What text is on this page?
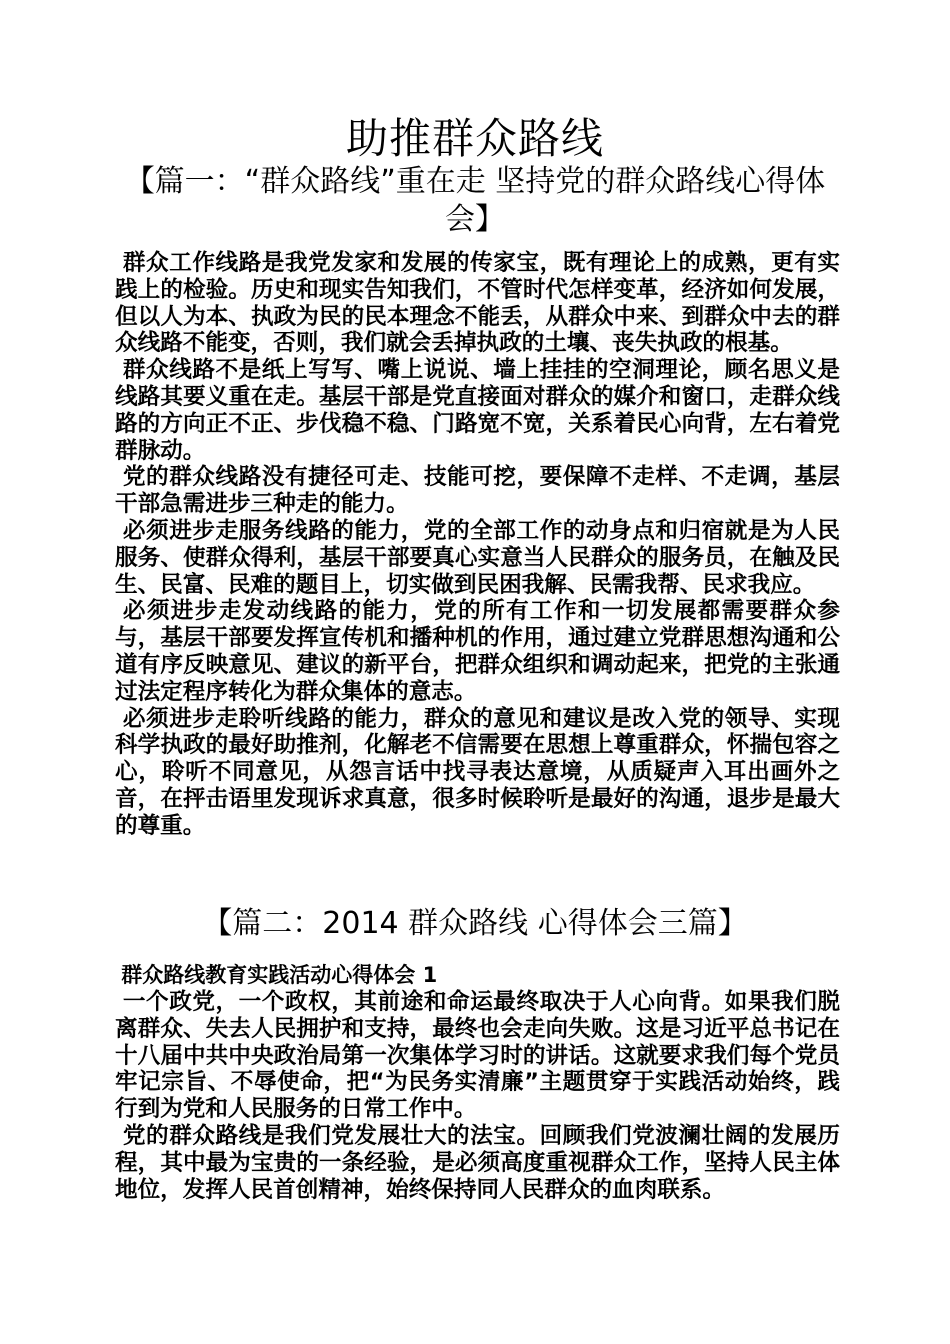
助推群众路线
【篇一：“群众路线”重在走 坚持党的群众路线心得体会】

群众工作线路是我党发家和发展的传家宝，既有理论上的成熟，更有实践上的检验。历史和现实告知我们，不管时代怎样变革，经济如何发展，但以人为本、执政为民的民本理念不能丢，从群众中来、到群众中去的群众线路不能变，否则，我们就会丢掉执政的土壤、丧失执政的根基。

群众线路不是纸上写写、嘴上说说、墙上挂挂的空洞理论，顾名思义是线路其要义重在走。基层干部是党直接面对群众的媒介和窗口，走群众线路的方向正不正、步伐稳不稳、门路宽不宽，关系着民心向背，左右着党群脉动。

党的群众线路没有捷径可走、技能可挖，要保障不走样、不走调，基层干部急需进步三种走的能力。

必须进步走服务线路的能力，党的全部工作的动身点和归宿就是为人民服务、使群众得利，基层干部要真心实意当人民群众的服务员，在触及民生、民富、民难的题目上，切实做到民困我解、民需我帮、民求我应。

必须进步走发动线路的能力，党的所有工作和一切发展都需要群众参与，基层干部要发挥宣传机和播种机的作用，通过建立党群思想沟通和公道有序反映意见、建议的新平台，把群众组织和调动起来，把党的主张通过法定程序转化为群众集体的意志。

必须进步走聆听线路的能力，群众的意见和建议是改入党的领导、实现科学执政的最好助推剂，化解老不信需要在思想上尊重群众，怀揣包容之心，聆听不同意见，从怨言话中找寻表达意境，从质疑声入耳出画外之音，在抨击语里发现诉求真意，很多时候聆听是最好的沟通，退步是最大的尊重。

【篇二：2014 群众路线 心得体会三篇】

群众路线教育实践活动心得体会 1

一个政党，一个政权，其前途和命运最终取决于人心向背。如果我们脱离群众、失去人民拥护和支持，最终也会走向失败。这是习近平总书记在十八届中共中央政治局第一次集体学习时的讲话。这就要求我们每个党员牢记宗旨、不辱使命，把“为民务实清廉”主题贯穿于实践活动始终，践行到为党和人民服务的日常工作中。

党的群众路线是我们党发展壮大的法宝。回顾我们党波澜壮阔的发展历程，其中最为宝贵的一条经验，是必须高度重视群众工作，坚持人民主体地位，发挥人民首创精神，始终保持同人民群众的血肉联系。
